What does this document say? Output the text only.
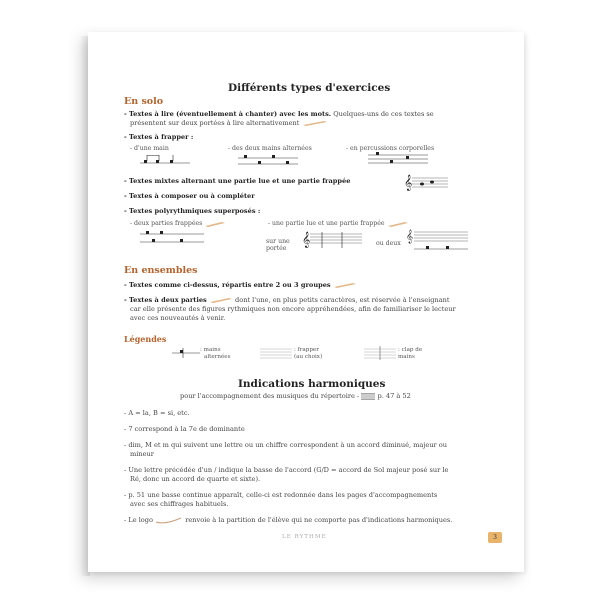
Différents types d'exercices
En solo
- Textes à lire (éventuellement à chanter) avec les mots. Quelques-uns de ces textes se
présentent sur deux portées à lire alternativement
- Textes à frapper :
- d'une main	- des deux mains alternées	- en percussions corporelles
- Textes mixtes alternant une partie lue et une partie frappée	𝄞
- Textes à composer ou à compléter
- Textes polyrythmiques superposés :
- deux parties frappées	- une partie lue et une partie frappée
sur une
portée
𝄞	ou deux
𝄞
En ensembles
- Textes comme ci-dessus, répartis entre 2 ou 3 groupes
- Textes à deux parties	dont l'une, en plus petits caractères, est réservée à l'enseignant
car elle présente des figures rythmiques non encore appréhendées, afin de familiariser le lecteur
avec ces nouveautés à venir.
Légendes
: mains
alternées
: frapper
(au choix)
: clap de
mains
Indications harmoniques
pour l'accompagnement des musiques du répertoire -	p. 47 à 52
- A = la, B = si, etc.
- 7 correspond à la 7e de dominante
- dim, M et m qui suivent une lettre ou un chiffre correspondent à un accord diminué, majeur ou
mineur
- Une lettre précédée d'un / indique la basse de l'accord (G/D = accord de Sol majeur posé sur le
Ré, donc un accord de quarte et sixte).
- p. 51 une basse continue apparaît, celle-ci est redonnée dans les pages d'accompagnements
avec ses chiffrages habituels.
- Le logo	renvoie à la partition de l'élève qui ne comporte pas d'indications harmoniques.
LE RYTHME	3
